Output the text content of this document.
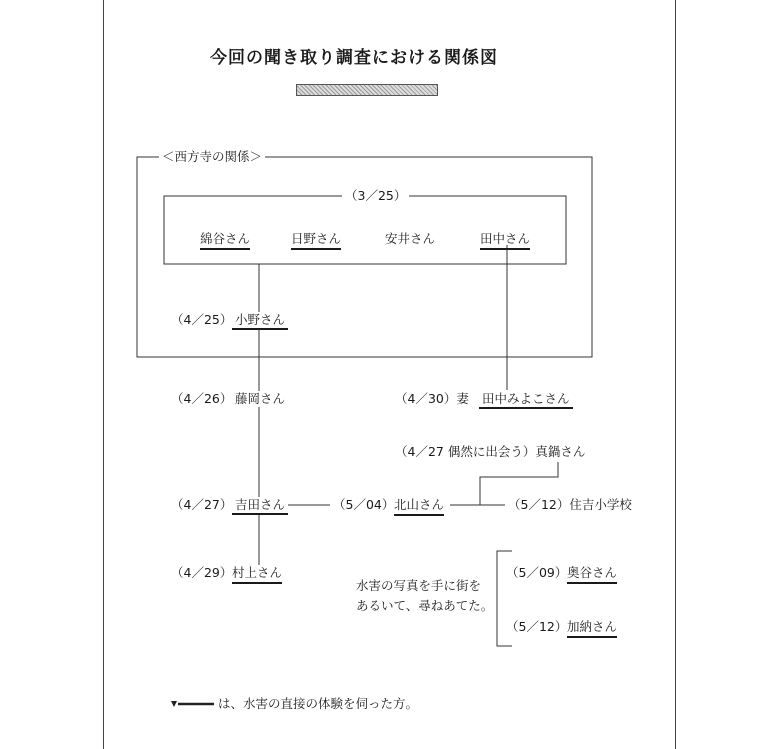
今回の聞き取り調査における関係図
＜西方寺の関係＞
（3／25）
綿谷さん	日野さん	安井さん	田中さん
（4／25） 小野さん
（4／26） 藤岡さん	（4／30）妻 田中みよこさん
（4／27 偶然に出会う）真鍋さん
（4／27） 吉田さん	（5／04） 北山さん	（5／12）住吉小学校
（4／29） 村上さん	（5／09） 奥谷さん
水害の写真を手に街を
あるいて、尋ねあてた。
（5／12） 加納さん
は、水害の直接の体験を伺った方。
